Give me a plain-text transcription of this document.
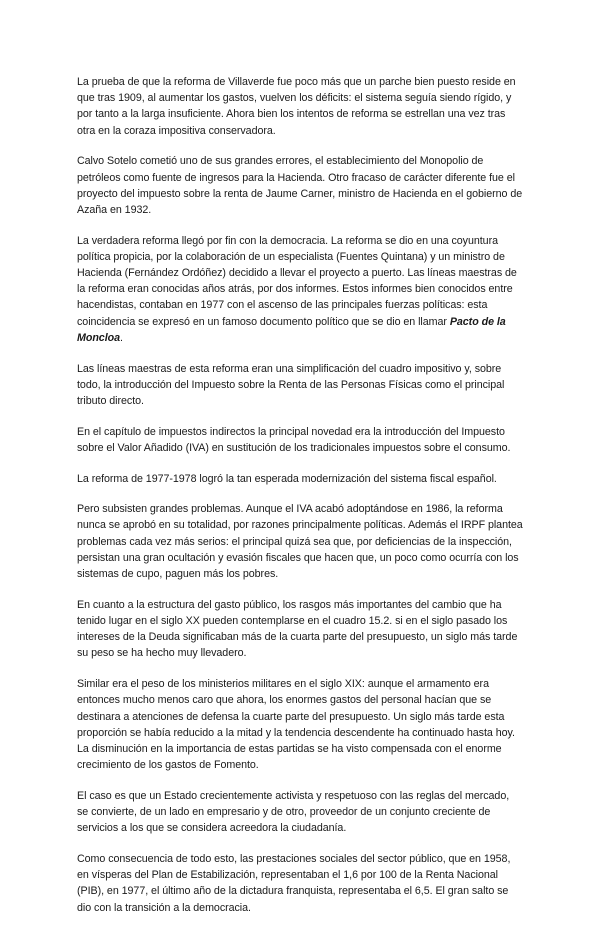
La prueba de que la reforma de Villaverde fue poco más que un parche bien puesto reside en que tras 1909, al aumentar los gastos, vuelven los déficits: el sistema seguía siendo rígido, y por tanto a la larga insuficiente. Ahora bien los intentos de reforma se estrellan una vez tras otra en la coraza impositiva conservadora.

Calvo Sotelo cometió uno de sus grandes errores, el establecimiento del Monopolio de petróleos como fuente de ingresos para la Hacienda. Otro fracaso de carácter diferente fue el proyecto del impuesto sobre la renta de Jaume Carner, ministro de Hacienda en el gobierno de Azaña en 1932.

La verdadera reforma llegó por fin con la democracia. La reforma se dio en una coyuntura política propicia, por la colaboración de un especialista (Fuentes Quintana) y un ministro de Hacienda (Fernández Ordóñez) decidido a llevar el proyecto a puerto. Las líneas maestras de la reforma eran conocidas años atrás, por dos informes. Estos informes bien conocidos entre hacendistas, contaban en 1977 con el ascenso de las principales fuerzas políticas: esta coincidencia se expresó en un famoso documento político que se dio en llamar Pacto de la Moncloa.

Las líneas maestras de esta reforma eran una simplificación del cuadro impositivo y, sobre todo, la introducción del Impuesto sobre la Renta de las Personas Físicas como el principal tributo directo.

En el capítulo de impuestos indirectos la principal novedad era la introducción del Impuesto sobre el Valor Añadido (IVA) en sustitución de los tradicionales impuestos sobre el consumo.

La reforma de 1977-1978 logró la tan esperada modernización del sistema fiscal español.

Pero subsisten grandes problemas. Aunque el IVA acabó adoptándose en 1986, la reforma nunca se aprobó en su totalidad, por razones principalmente políticas. Además el IRPF plantea problemas cada vez más serios: el principal quizá sea que, por deficiencias de la inspección, persistan una gran ocultación y evasión fiscales que hacen que, un poco como ocurría con los sistemas de cupo, paguen más los pobres.

En cuanto a la estructura del gasto público, los rasgos más importantes del cambio que ha tenido lugar en el siglo XX pueden contemplarse en el cuadro 15.2. si en el siglo pasado los intereses de la Deuda significaban más de la cuarta parte del presupuesto, un siglo más tarde su peso se ha hecho muy llevadero.

Similar era el peso de los ministerios militares en el siglo XIX: aunque el armamento era entonces mucho menos caro que ahora, los enormes gastos del personal hacían que se destinara a atenciones de defensa la cuarte parte del presupuesto. Un siglo más tarde esta proporción se había reducido a la mitad y la tendencia descendente ha continuado hasta hoy. La disminución en la importancia de estas partidas se ha visto compensada con el enorme crecimiento de los gastos de Fomento.

El caso es que un Estado crecientemente activista y respetuoso con las reglas del mercado, se convierte, de un lado en empresario y de otro, proveedor de un conjunto creciente de servicios a los que se considera acreedora la ciudadanía.

Como consecuencia de todo esto, las prestaciones sociales del sector público, que en 1958, en vísperas del Plan de Estabilización, representaban el 1,6 por 100 de la Renta Nacional (PIB), en 1977, el último año de la dictadura franquista, representaba el 6,5. El gran salto se dio con la transición a la democracia.
